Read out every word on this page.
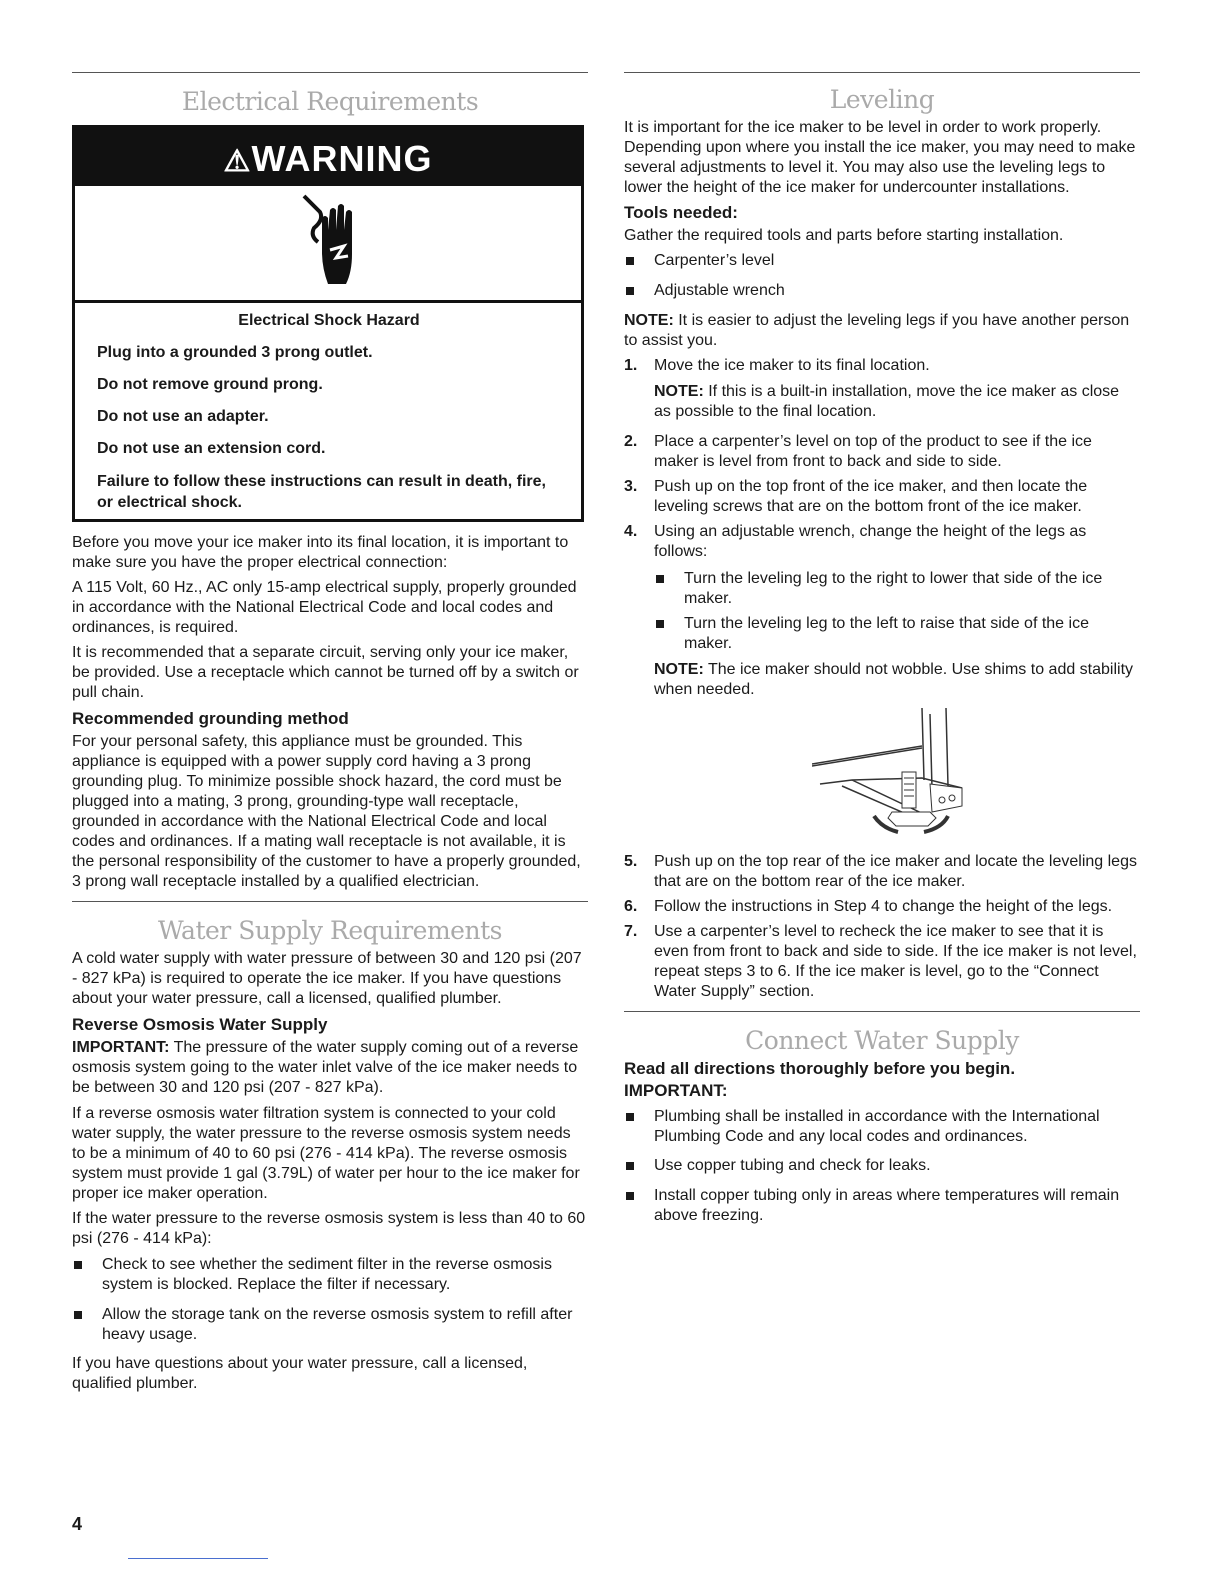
Electrical Requirements
⚠WARNING

Electrical Shock Hazard

Plug into a grounded 3 prong outlet.

Do not remove ground prong.

Do not use an adapter.

Do not use an extension cord.

Failure to follow these instructions can result in death, fire, or electrical shock.

Before you move your ice maker into its final location, it is important to make sure you have the proper electrical connection:

A 115 Volt, 60 Hz., AC only 15-amp electrical supply, properly grounded in accordance with the National Electrical Code and local codes and ordinances, is required.

It is recommended that a separate circuit, serving only your ice maker, be provided. Use a receptacle which cannot be turned off by a switch or pull chain.

Recommended grounding method

For your personal safety, this appliance must be grounded. This appliance is equipped with a power supply cord having a 3 prong grounding plug. To minimize possible shock hazard, the cord must be plugged into a mating, 3 prong, grounding-type wall receptacle, grounded in accordance with the National Electrical Code and local codes and ordinances. If a mating wall receptacle is not available, it is the personal responsibility of the customer to have a properly grounded, 3 prong wall receptacle installed by a qualified electrician.

Water Supply Requirements

A cold water supply with water pressure of between 30 and 120 psi (207 - 827 kPa) is required to operate the ice maker. If you have questions about your water pressure, call a licensed, qualified plumber.

Reverse Osmosis Water Supply

IMPORTANT: The pressure of the water supply coming out of a reverse osmosis system going to the water inlet valve of the ice maker needs to be between 30 and 120 psi (207 - 827 kPa).

If a reverse osmosis water filtration system is connected to your cold water supply, the water pressure to the reverse osmosis system needs to be a minimum of 40 to 60 psi (276 - 414 kPa). The reverse osmosis system must provide 1 gal (3.79L) of water per hour to the ice maker for proper ice maker operation.

If the water pressure to the reverse osmosis system is less than 40 to 60 psi (276 - 414 kPa):

Check to see whether the sediment filter in the reverse osmosis system is blocked. Replace the filter if necessary.
Allow the storage tank on the reverse osmosis system to refill after heavy usage.

If you have questions about your water pressure, call a licensed, qualified plumber.

4
Leveling

It is important for the ice maker to be level in order to work properly. Depending upon where you install the ice maker, you may need to make several adjustments to level it. You may also use the leveling legs to lower the height of the ice maker for undercounter installations.

Tools needed:

Gather the required tools and parts before starting installation.

Carpenter’s level
Adjustable wrench

NOTE: It is easier to adjust the leveling legs if you have another person to assist you.

1. Move the ice maker to its final location.

NOTE: If this is a built-in installation, move the ice maker as close as possible to the final location.

2. Place a carpenter’s level on top of the product to see if the ice maker is level from front to back and side to side.
3. Push up on the top front of the ice maker, and then locate the leveling screws that are on the bottom front of the ice maker.
4. Using an adjustable wrench, change the height of the legs as follows:
Turn the leveling leg to the right to lower that side of the ice maker.
Turn the leveling leg to the left to raise that side of the ice maker.

NOTE: The ice maker should not wobble. Use shims to add stability when needed.

5. Push up on the top rear of the ice maker and locate the leveling legs that are on the bottom rear of the ice maker.
6. Follow the instructions in Step 4 to change the height of the legs.
7. Use a carpenter’s level to recheck the ice maker to see that it is even from front to back and side to side. If the ice maker is not level, repeat steps 3 to 6. If the ice maker is level, go to the “Connect Water Supply” section.
Connect Water Supply

Read all directions thoroughly before you begin.

IMPORTANT:

Plumbing shall be installed in accordance with the International Plumbing Code and any local codes and ordinances.
Use copper tubing and check for leaks.
Install copper tubing only in areas where temperatures will remain above freezing.
